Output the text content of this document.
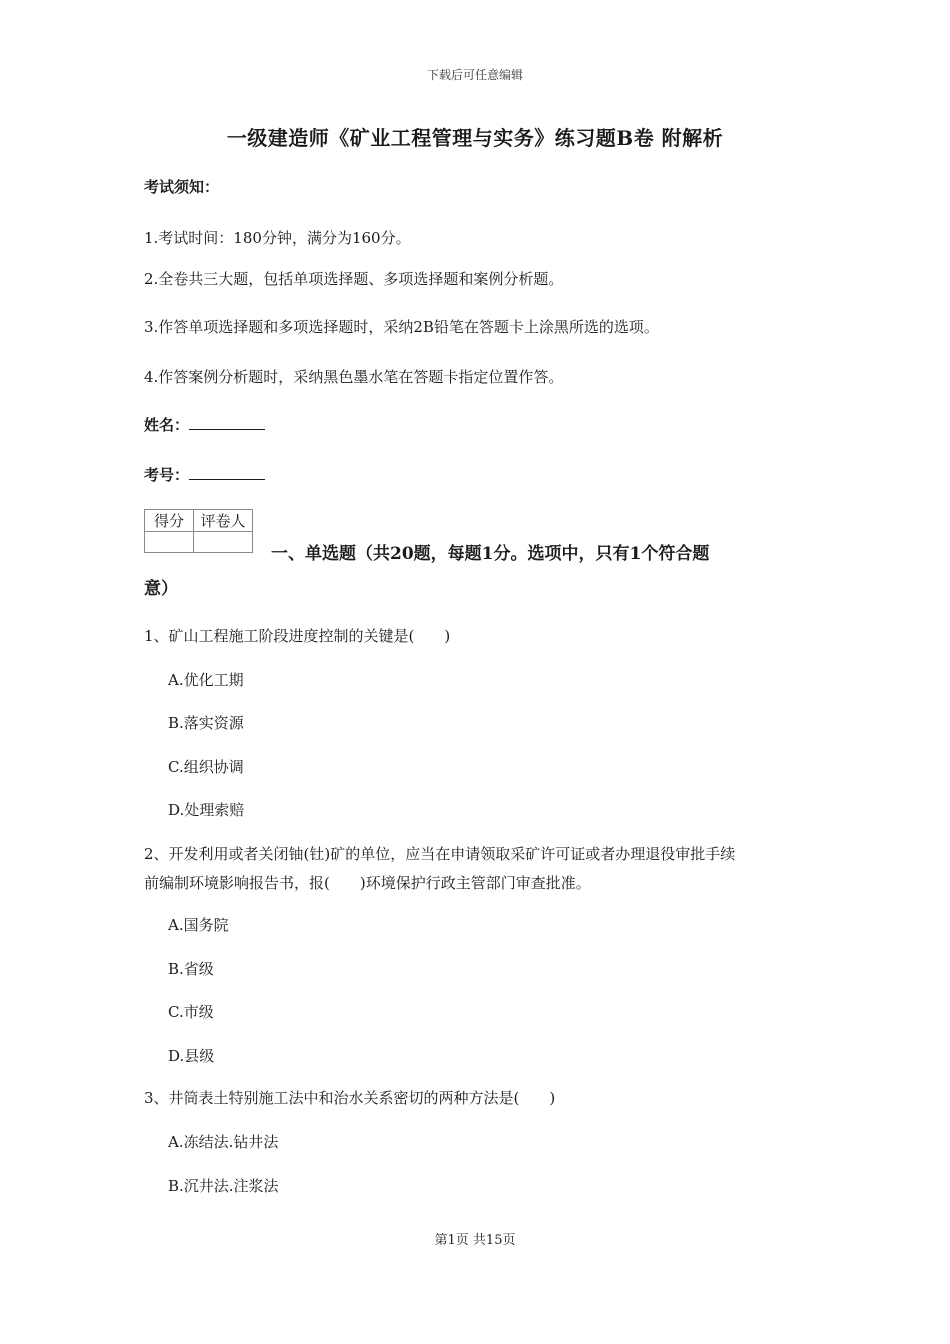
下载后可任意编辑
一级建造师《矿业工程管理与实务》练习题B卷 附解析
考试须知：
1.考试时间：180分钟，满分为160分。
2.全卷共三大题，包括单项选择题、多项选择题和案例分析题。
3.作答单项选择题和多项选择题时，采纳2B铅笔在答题卡上涂黑所选的选项。
4.作答案例分析题时，采纳黑色墨水笔在答题卡指定位置作答。
姓名：
考号：
得分	评卷人

一、单选题（共20题，每题1分。选项中，只有1个符合题
意）
1、矿山工程施工阶段进度控制的关键是(　　)
A.优化工期
B.落实资源
C.组织协调
D.处理索赔
2、开发利用或者关闭铀(钍)矿的单位，应当在申请领取采矿许可证或者办理退役审批手续
前编制环境影响报告书，报(　　)环境保护行政主管部门审查批准。
A.国务院
B.省级
C.市级
D.县级
3、井筒表土特别施工法中和治水关系密切的两种方法是(　　)
A.冻结法.钻井法
B.沉井法.注浆法
第1页 共15页
